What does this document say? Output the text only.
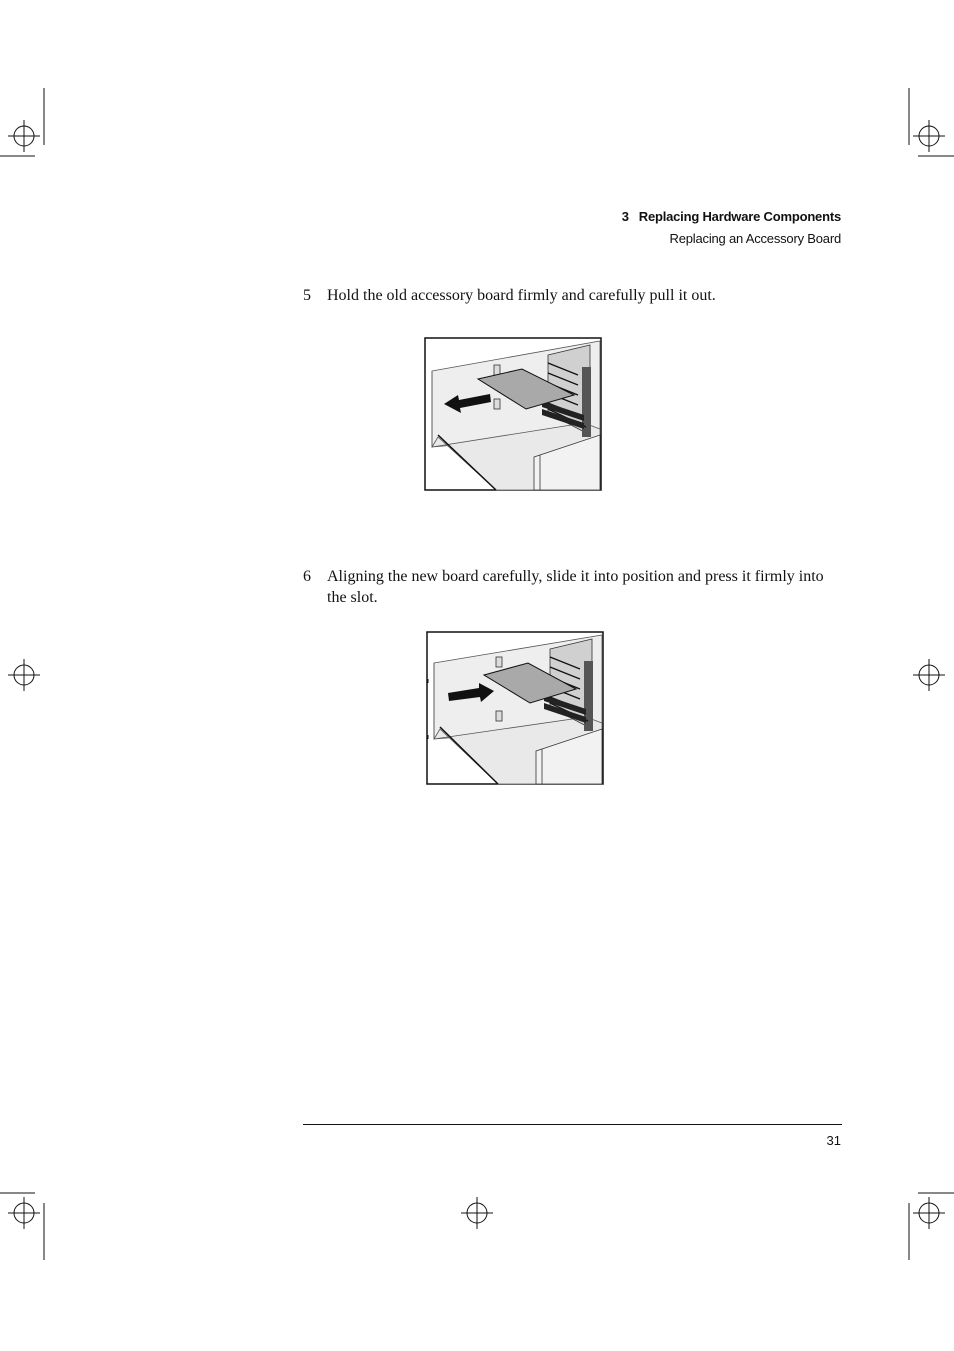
3 Replacing Hardware Components
Replacing an Accessory Board
5	Hold the old accessory board firmly and carefully pull it out.
6	Aligning the new board carefully, slide it into position and press it firmly into the slot.
31
